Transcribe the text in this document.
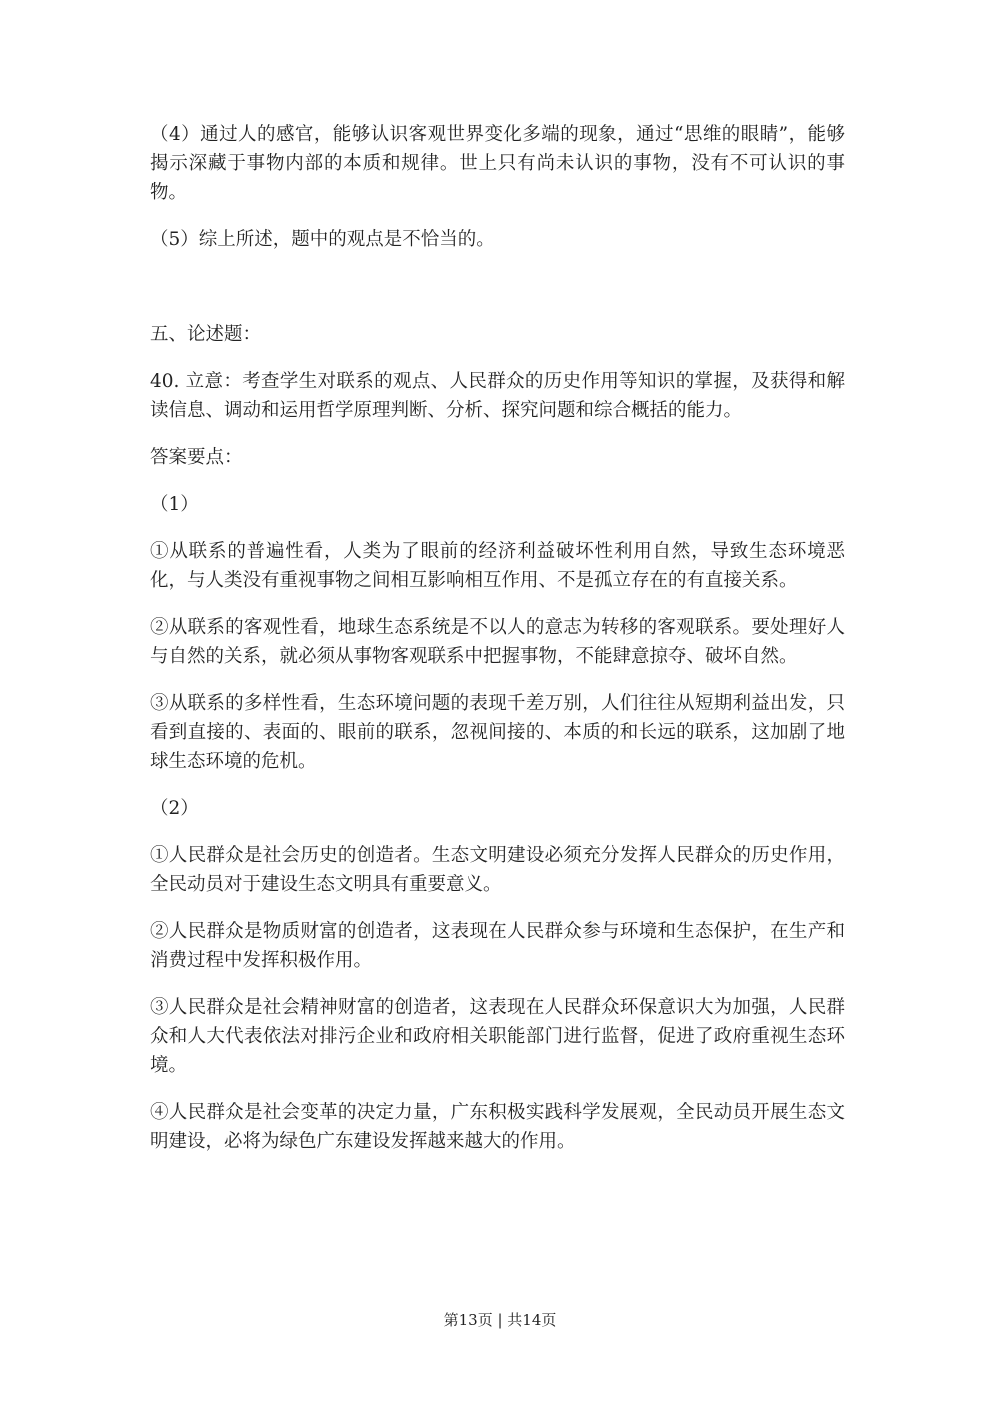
（4）通过人的感官，能够认识客观世界变化多端的现象，通过“思维的眼睛”，能够揭示深藏于事物内部的本质和规律。世上只有尚未认识的事物，没有不可认识的事物。

（5）综上所述，题中的观点是不恰当的。

五、论述题：

40. 立意：考查学生对联系的观点、人民群众的历史作用等知识的掌握，及获得和解读信息、调动和运用哲学原理判断、分析、探究问题和综合概括的能力。

答案要点：

（1）

①从联系的普遍性看，人类为了眼前的经济利益破坏性利用自然，导致生态环境恶化，与人类没有重视事物之间相互影响相互作用、不是孤立存在的有直接关系。

②从联系的客观性看，地球生态系统是不以人的意志为转移的客观联系。要处理好人与自然的关系，就必须从事物客观联系中把握事物，不能肆意掠夺、破坏自然。

③从联系的多样性看，生态环境问题的表现千差万别，人们往往从短期利益出发，只看到直接的、表面的、眼前的联系，忽视间接的、本质的和长远的联系，这加剧了地球生态环境的危机。

（2）

①人民群众是社会历史的创造者。生态文明建设必须充分发挥人民群众的历史作用，全民动员对于建设生态文明具有重要意义。

②人民群众是物质财富的创造者，这表现在人民群众参与环境和生态保护，在生产和消费过程中发挥积极作用。

③人民群众是社会精神财富的创造者，这表现在人民群众环保意识大为加强，人民群众和人大代表依法对排污企业和政府相关职能部门进行监督，促进了政府重视生态环境。

④人民群众是社会变革的决定力量，广东积极实践科学发展观，全民动员开展生态文明建设，必将为绿色广东建设发挥越来越大的作用。

第13页 | 共14页
